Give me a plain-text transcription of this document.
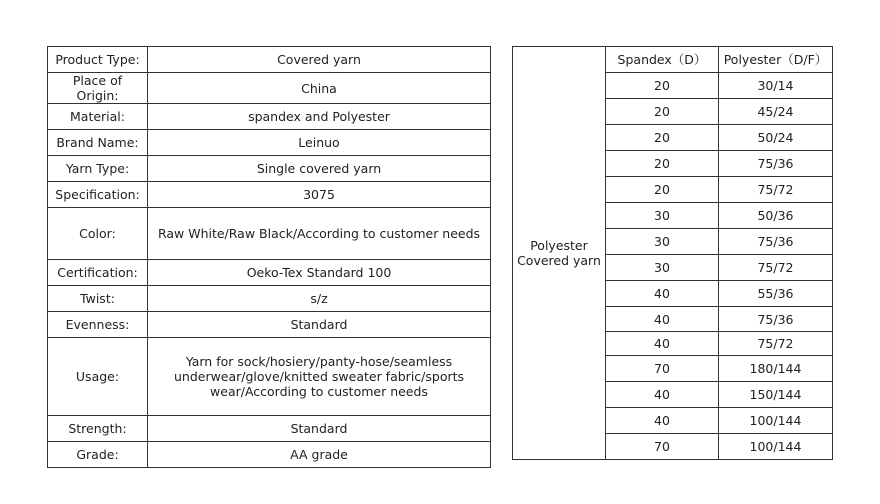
Product Type:	Covered yarn
Place of Origin:	China
Material:	spandex and Polyester
Brand Name:	Leinuo
Yarn Type:	Single covered yarn
Specification:	3075
Color:	Raw White/Raw Black/According to customer needs
Certification:	Oeko-Tex Standard 100
Twist:	s/z
Evenness:	Standard
Usage:	Yarn for sock/hosiery/panty-hose/seamless underwear/glove/knitted sweater fabric/sports wear/According to customer needs
Strength:	Standard
Grade:	AA grade
Polyester Covered yarn	Spandex（D）	Polyester（D/F）
	20	30/14
	20	45/24
	20	50/24
	20	75/36
	20	75/72
	30	50/36
	30	75/36
	30	75/72
	40	55/36
	40	75/36
	40	75/72
	70	180/144
	40	150/144
	40	100/144
	70	100/144
